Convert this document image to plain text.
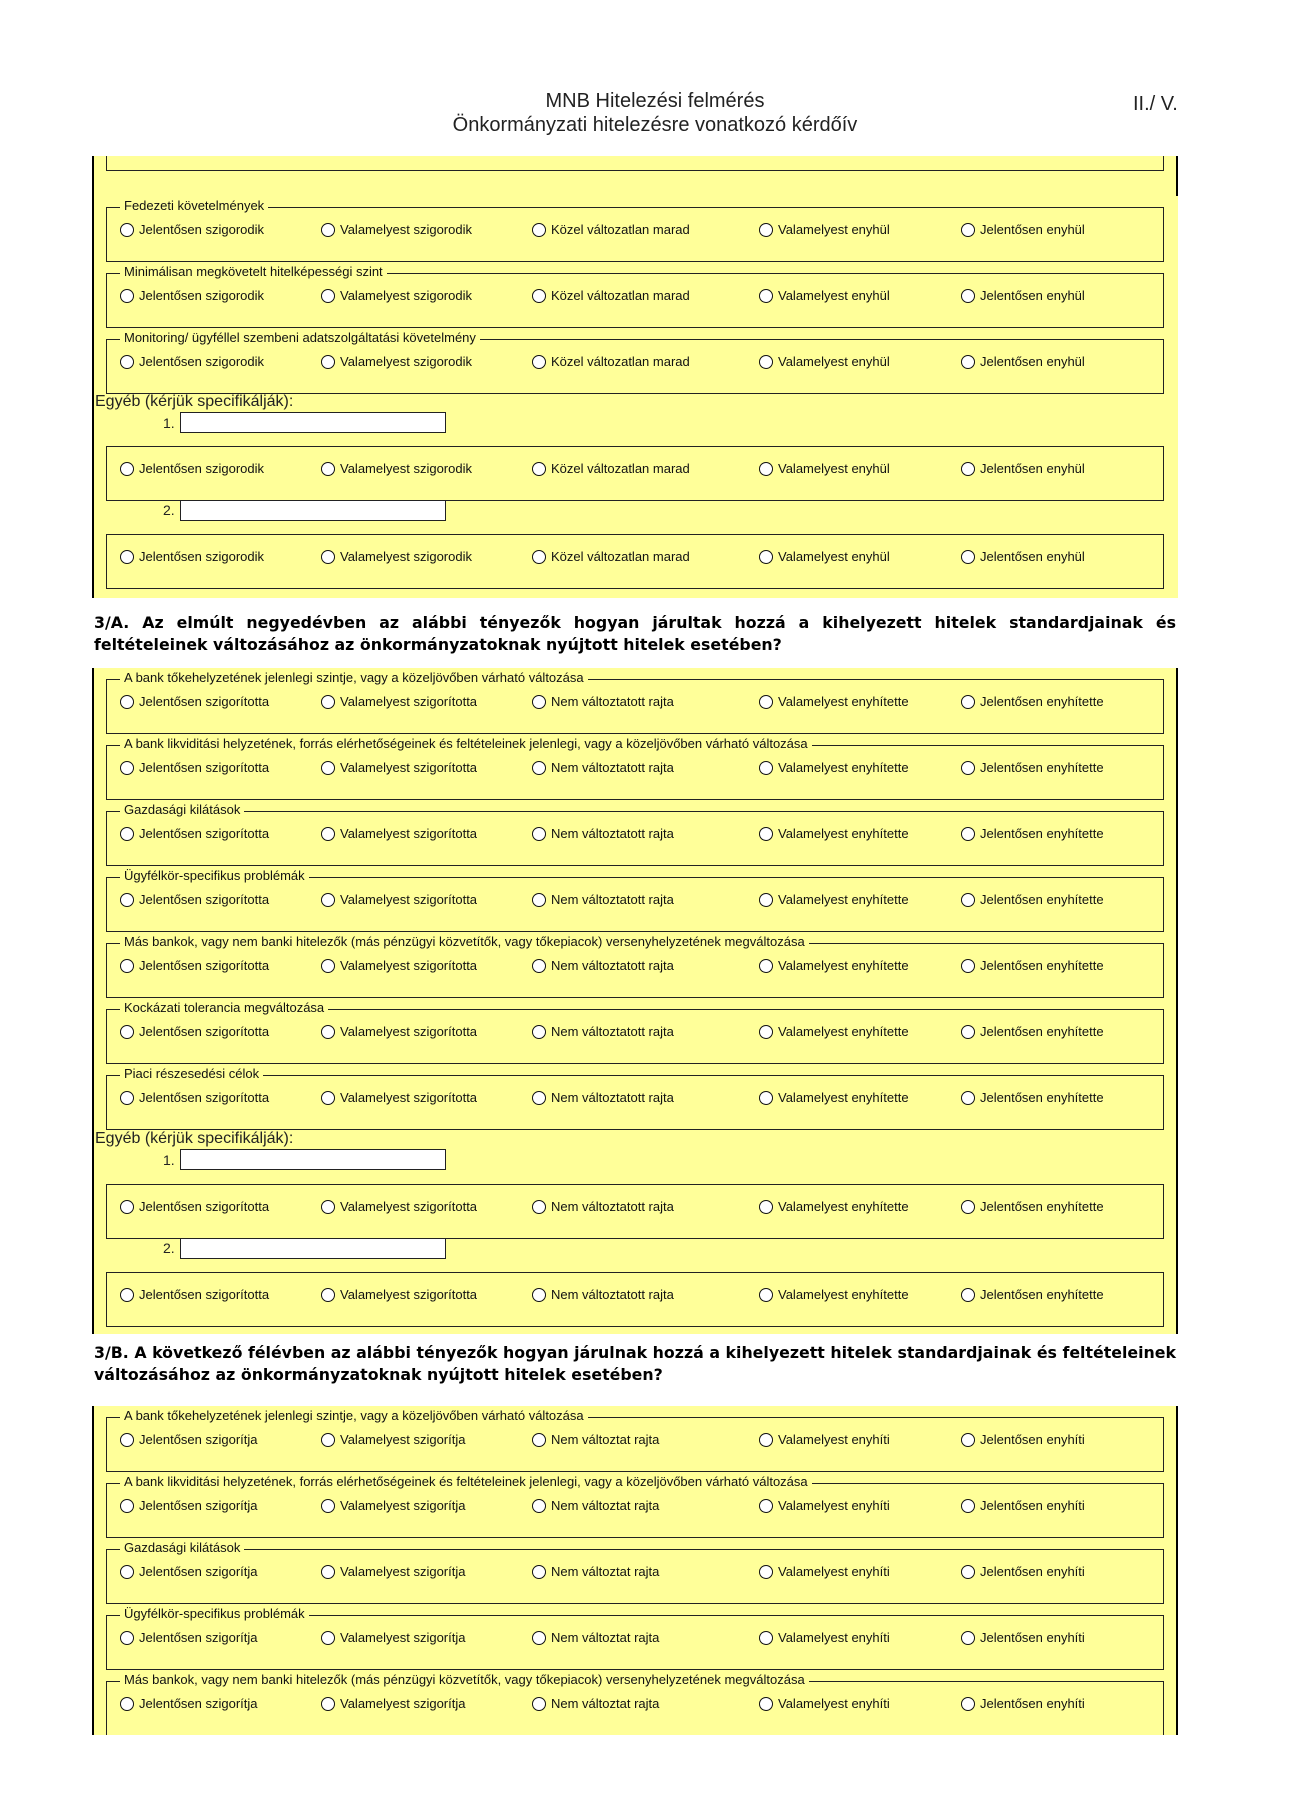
MNB Hitelezési felmérés
Önkormányzati hitelezésre vonatkozó kérdőív
II./ V.
Fedezeti követelmények
Jelentősen szigorodik	Valamelyest szigorodik	Közel változatlan marad	Valamelyest enyhül	Jelentősen enyhül
Minimálisan megkövetelt hitelképességi szint
Jelentősen szigorodik	Valamelyest szigorodik	Közel változatlan marad	Valamelyest enyhül	Jelentősen enyhül
Monitoring/ ügyféllel szembeni adatszolgáltatási követelmény
Jelentősen szigorodik	Valamelyest szigorodik	Közel változatlan marad	Valamelyest enyhül	Jelentősen enyhül
Egyéb (kérjük specifikálják):
1.
Jelentősen szigorodik	Valamelyest szigorodik	Közel változatlan marad	Valamelyest enyhül	Jelentősen enyhül
2.
Jelentősen szigorodik	Valamelyest szigorodik	Közel változatlan marad	Valamelyest enyhül	Jelentősen enyhül
3/A. Az elmúlt negyedévben az alábbi tényezők hogyan járultak hozzá a kihelyezett hitelek standardjainak és feltételeinek változásához az önkormányzatoknak nyújtott hitelek esetében?
A bank tőkehelyzetének jelenlegi szintje, vagy a közeljövőben várható változása
Jelentősen szigorította	Valamelyest szigorította	Nem változtatott rajta	Valamelyest enyhítette	Jelentősen enyhítette
A bank likviditási helyzetének, forrás elérhetőségeinek és feltételeinek jelenlegi, vagy a közeljövőben várható változása
Jelentősen szigorította	Valamelyest szigorította	Nem változtatott rajta	Valamelyest enyhítette	Jelentősen enyhítette
Gazdasági kilátások
Jelentősen szigorította	Valamelyest szigorította	Nem változtatott rajta	Valamelyest enyhítette	Jelentősen enyhítette
Ügyfélkör-specifikus problémák
Jelentősen szigorította	Valamelyest szigorította	Nem változtatott rajta	Valamelyest enyhítette	Jelentősen enyhítette
Más bankok, vagy nem banki hitelezők (más pénzügyi közvetítők, vagy tőkepiacok) versenyhelyzetének megváltozása
Jelentősen szigorította	Valamelyest szigorította	Nem változtatott rajta	Valamelyest enyhítette	Jelentősen enyhítette
Kockázati tolerancia megváltozása
Jelentősen szigorította	Valamelyest szigorította	Nem változtatott rajta	Valamelyest enyhítette	Jelentősen enyhítette
Piaci részesedési célok
Jelentősen szigorította	Valamelyest szigorította	Nem változtatott rajta	Valamelyest enyhítette	Jelentősen enyhítette
Egyéb (kérjük specifikálják):
1.
Jelentősen szigorította	Valamelyest szigorította	Nem változtatott rajta	Valamelyest enyhítette	Jelentősen enyhítette
2.
Jelentősen szigorította	Valamelyest szigorította	Nem változtatott rajta	Valamelyest enyhítette	Jelentősen enyhítette
3/B. A következő félévben az alábbi tényezők hogyan járulnak hozzá a kihelyezett hitelek standardjainak és feltételeinek változásához az önkormányzatoknak nyújtott hitelek esetében?
A bank tőkehelyzetének jelenlegi szintje, vagy a közeljövőben várható változása
Jelentősen szigorítja	Valamelyest szigorítja	Nem változtat rajta	Valamelyest enyhíti	Jelentősen enyhíti
A bank likviditási helyzetének, forrás elérhetőségeinek és feltételeinek jelenlegi, vagy a közeljövőben várható változása
Jelentősen szigorítja	Valamelyest szigorítja	Nem változtat rajta	Valamelyest enyhíti	Jelentősen enyhíti
Gazdasági kilátások
Jelentősen szigorítja	Valamelyest szigorítja	Nem változtat rajta	Valamelyest enyhíti	Jelentősen enyhíti
Ügyfélkör-specifikus problémák
Jelentősen szigorítja	Valamelyest szigorítja	Nem változtat rajta	Valamelyest enyhíti	Jelentősen enyhíti
Más bankok, vagy nem banki hitelezők (más pénzügyi közvetítők, vagy tőkepiacok) versenyhelyzetének megváltozása
Jelentősen szigorítja	Valamelyest szigorítja	Nem változtat rajta	Valamelyest enyhíti	Jelentősen enyhíti
